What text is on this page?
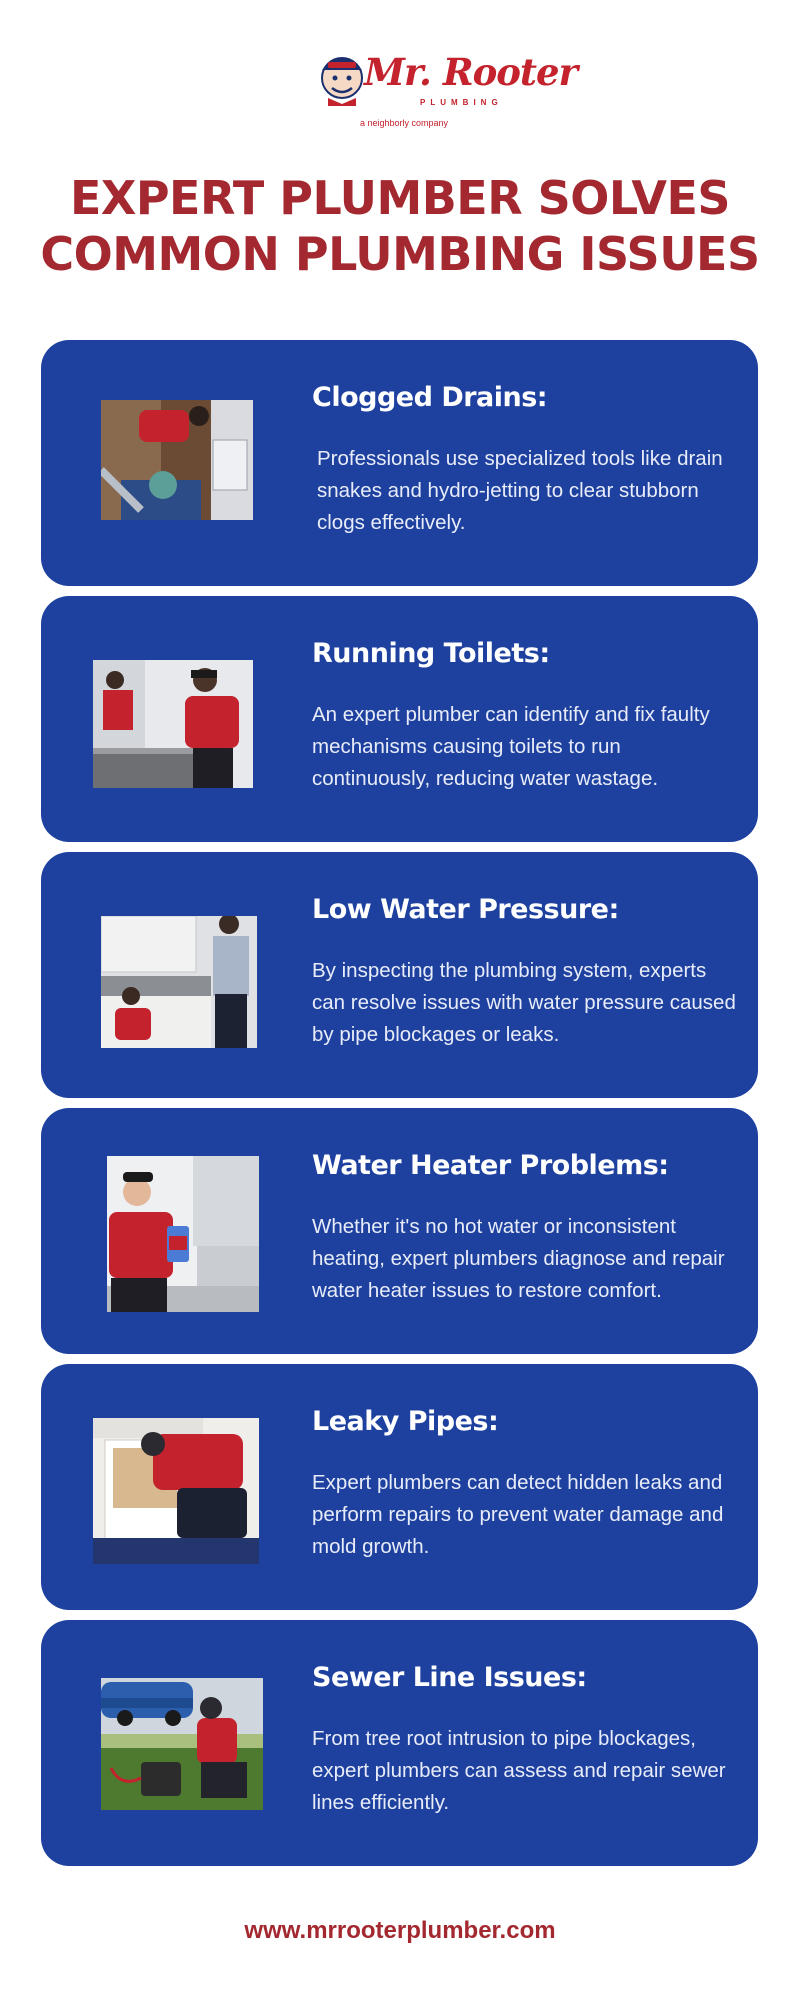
Mr. Rooter
PLUMBING
a neighborly company
EXPERT PLUMBER SOLVES
COMMON PLUMBING ISSUES
Clogged Drains:
Professionals use specialized tools like drain snakes and hydro-jetting to clear stubborn clogs effectively.
Running Toilets:
An expert plumber can identify and fix faulty mechanisms causing toilets to run continuously, reducing water wastage.
Low Water Pressure:
By inspecting the plumbing system, experts can resolve issues with water pressure caused by pipe blockages or leaks.
Water Heater Problems:
Whether it's no hot water or inconsistent heating, expert plumbers diagnose and repair water heater issues to restore comfort.
Leaky Pipes:
Expert plumbers can detect hidden leaks and perform repairs to prevent water damage and mold growth.
Sewer Line Issues:
From tree root intrusion to pipe blockages, expert plumbers can assess and repair sewer lines efficiently.
www.mrrooterplumber.com
